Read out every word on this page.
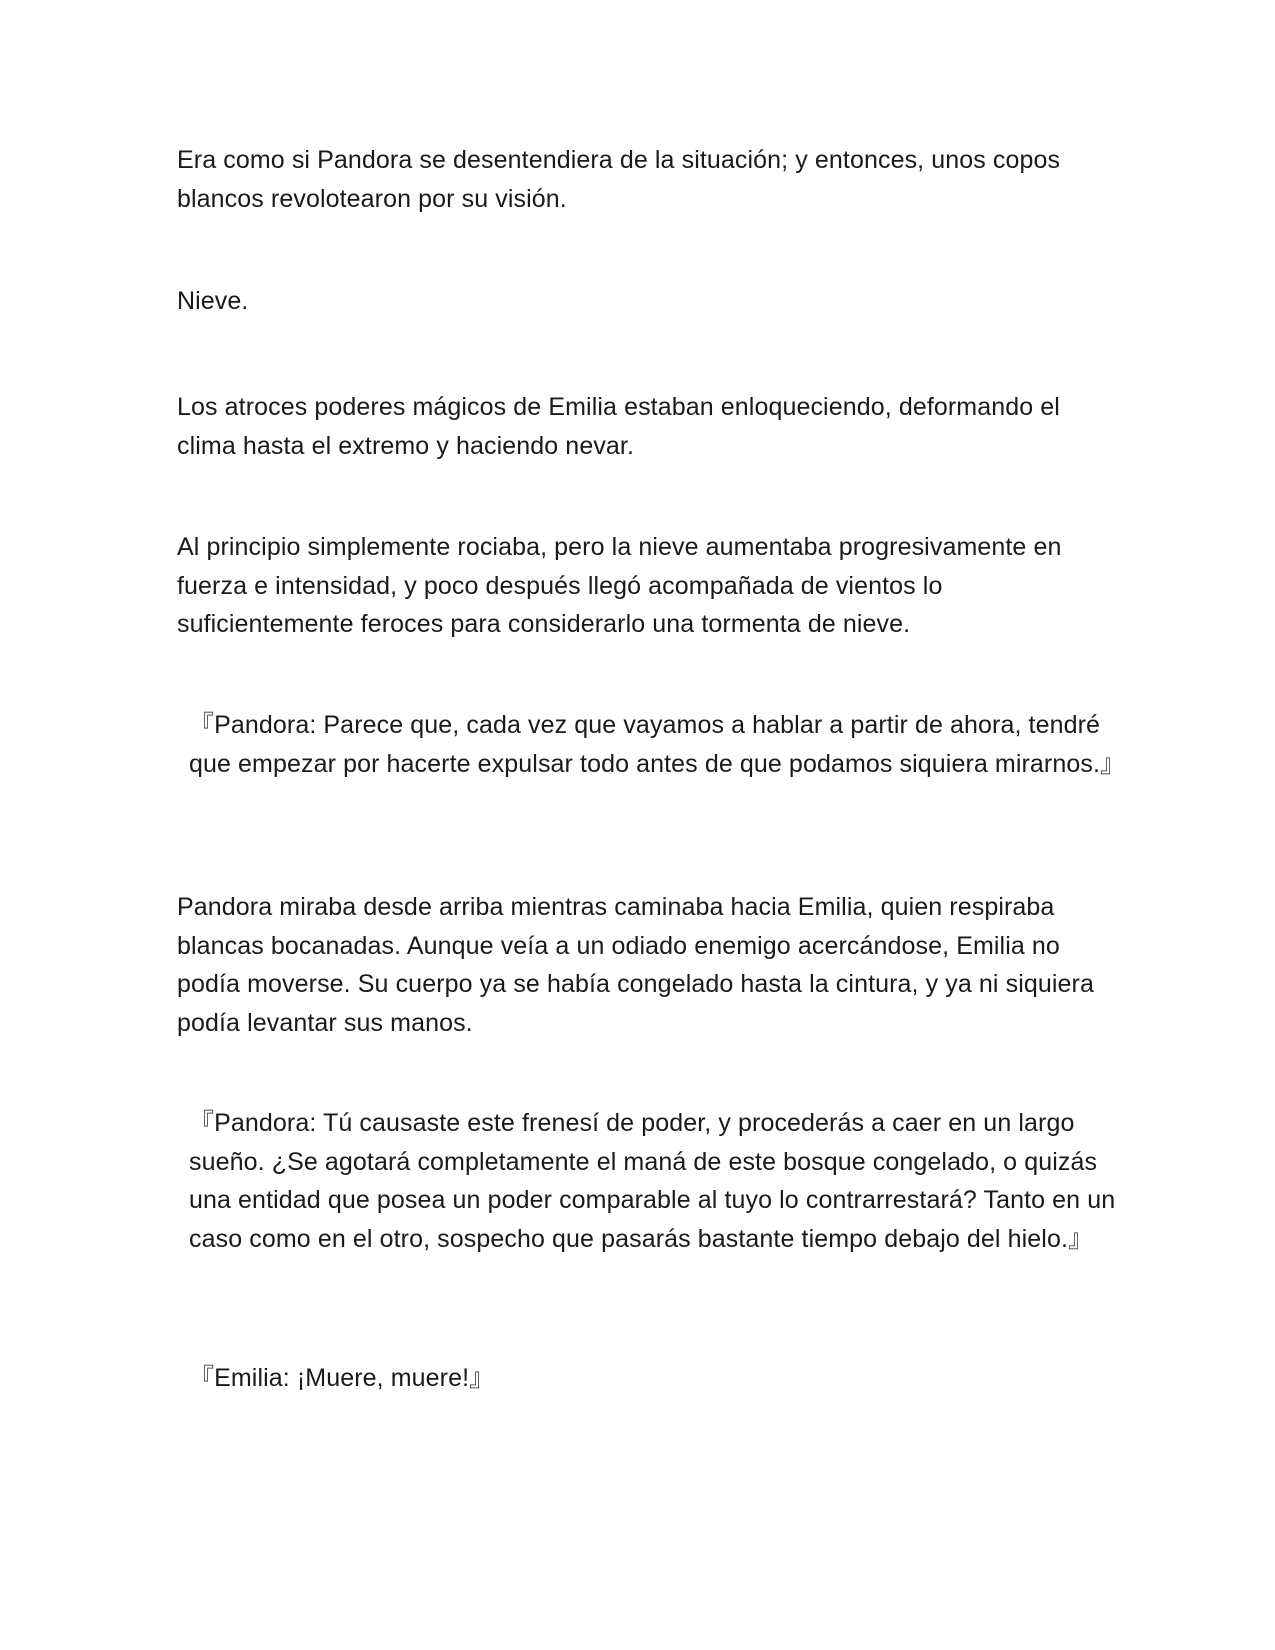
Era como si Pandora se desentendiera de la situación; y entonces, unos copos blancos revolotearon por su visión.

Nieve.

Los atroces poderes mágicos de Emilia estaban enloqueciendo, deformando el clima hasta el extremo y haciendo nevar.

Al principio simplemente rociaba, pero la nieve aumentaba progresivamente en fuerza e intensidad, y poco después llegó acompañada de vientos lo suficientemente feroces para considerarlo una tormenta de nieve.

『Pandora: Parece que, cada vez que vayamos a hablar a partir de ahora, tendré que empezar por hacerte expulsar todo antes de que podamos siquiera mirarnos.』

Pandora miraba desde arriba mientras caminaba hacia Emilia, quien respiraba blancas bocanadas. Aunque veía a un odiado enemigo acercándose, Emilia no podía moverse. Su cuerpo ya se había congelado hasta la cintura, y ya ni siquiera podía levantar sus manos.

『Pandora: Tú causaste este frenesí de poder, y procederás a caer en un largo sueño. ¿Se agotará completamente el maná de este bosque congelado, o quizás una entidad que posea un poder comparable al tuyo lo contrarrestará? Tanto en un caso como en el otro, sospecho que pasarás bastante tiempo debajo del hielo.』

『Emilia: ¡Muere, muere!』
